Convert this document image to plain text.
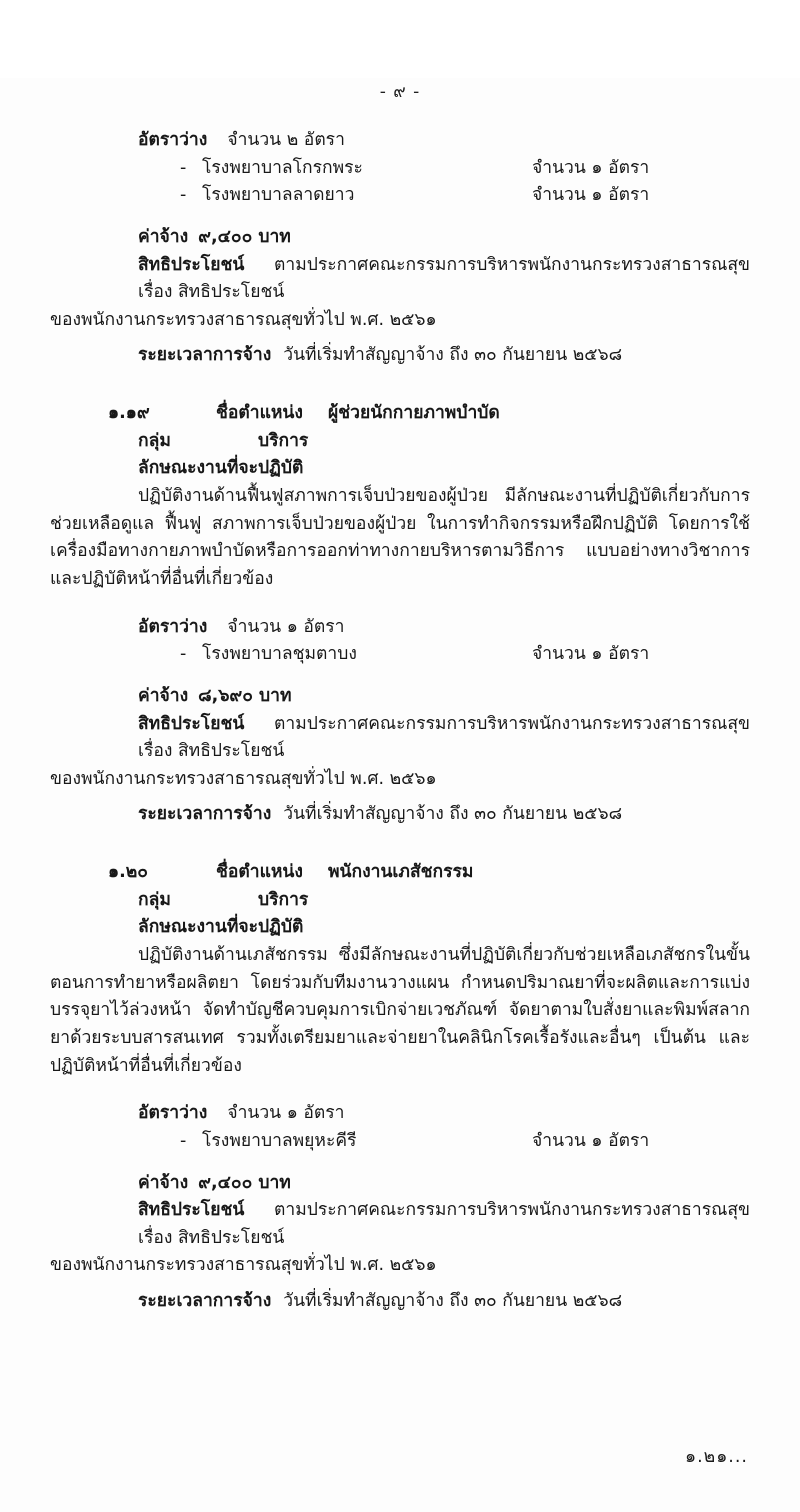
- ๙ -
อัตราว่าง จำนวน ๒ อัตรา
- โรงพยาบาลโกรกพระ	จำนวน ๑ อัตรา
- โรงพยาบาลลาดยาว	จำนวน ๑ อัตรา
ค่าจ้าง ๙,๔๐๐ บาท
สิทธิประโยชน์ ตามประกาศคณะกรรมการบริหารพนักงานกระทรวงสาธารณสุข เรื่อง สิทธิประโยชน์
ของพนักงานกระทรวงสาธารณสุขทั่วไป พ.ศ. ๒๕๖๑
ระยะเวลาการจ้าง วันที่เริ่มทำสัญญาจ้าง ถึง ๓๐ กันยายน ๒๕๖๘
๑.๑๙	ชื่อตำแหน่ง	ผู้ช่วยนักกายภาพบำบัด
กลุ่ม	บริการ
ลักษณะงานที่จะปฏิบัติ
ปฏิบัติงานด้านฟื้นฟูสภาพการเจ็บป่วยของผู้ป่วย มีลักษณะงานที่ปฏิบัติเกี่ยวกับการช่วยเหลือดูแล ฟื้นฟู สภาพการเจ็บป่วยของผู้ป่วย ในการทำกิจกรรมหรือฝึกปฏิบัติ โดยการใช้เครื่องมือทางกายภาพบำบัดหรือการออกท่าทางกายบริหารตามวิธีการ แบบอย่างทางวิชาการ และปฏิบัติหน้าที่อื่นที่เกี่ยวข้อง
อัตราว่าง จำนวน ๑ อัตรา
- โรงพยาบาลชุมตาบง	จำนวน ๑ อัตรา
ค่าจ้าง ๘,๖๙๐ บาท
สิทธิประโยชน์ ตามประกาศคณะกรรมการบริหารพนักงานกระทรวงสาธารณสุข เรื่อง สิทธิประโยชน์
ของพนักงานกระทรวงสาธารณสุขทั่วไป พ.ศ. ๒๕๖๑
ระยะเวลาการจ้าง วันที่เริ่มทำสัญญาจ้าง ถึง ๓๐ กันยายน ๒๕๖๘
๑.๒๐	ชื่อตำแหน่ง	พนักงานเภสัชกรรม
กลุ่ม	บริการ
ลักษณะงานที่จะปฏิบัติ
ปฏิบัติงานด้านเภสัชกรรม ซึ่งมีลักษณะงานที่ปฏิบัติเกี่ยวกับช่วยเหลือเภสัชกรในขั้นตอนการทำยาหรือผลิตยา โดยร่วมกับทีมงานวางแผน กำหนดปริมาณยาที่จะผลิตและการแบ่งบรรจุยาไว้ล่วงหน้า จัดทำบัญชีควบคุมการเบิกจ่ายเวชภัณฑ์ จัดยาตามใบสั่งยาและพิมพ์สลากยาด้วยระบบสารสนเทศ รวมทั้งเตรียมยาและจ่ายยาในคลินิกโรคเรื้อรังและอื่นๆ เป็นต้น และปฏิบัติหน้าที่อื่นที่เกี่ยวข้อง
อัตราว่าง จำนวน ๑ อัตรา
- โรงพยาบาลพยุหะคีรี	จำนวน ๑ อัตรา
ค่าจ้าง ๙,๔๐๐ บาท
สิทธิประโยชน์ ตามประกาศคณะกรรมการบริหารพนักงานกระทรวงสาธารณสุข เรื่อง สิทธิประโยชน์
ของพนักงานกระทรวงสาธารณสุขทั่วไป พ.ศ. ๒๕๖๑
ระยะเวลาการจ้าง วันที่เริ่มทำสัญญาจ้าง ถึง ๓๐ กันยายน ๒๕๖๘
๑.๒๑...
